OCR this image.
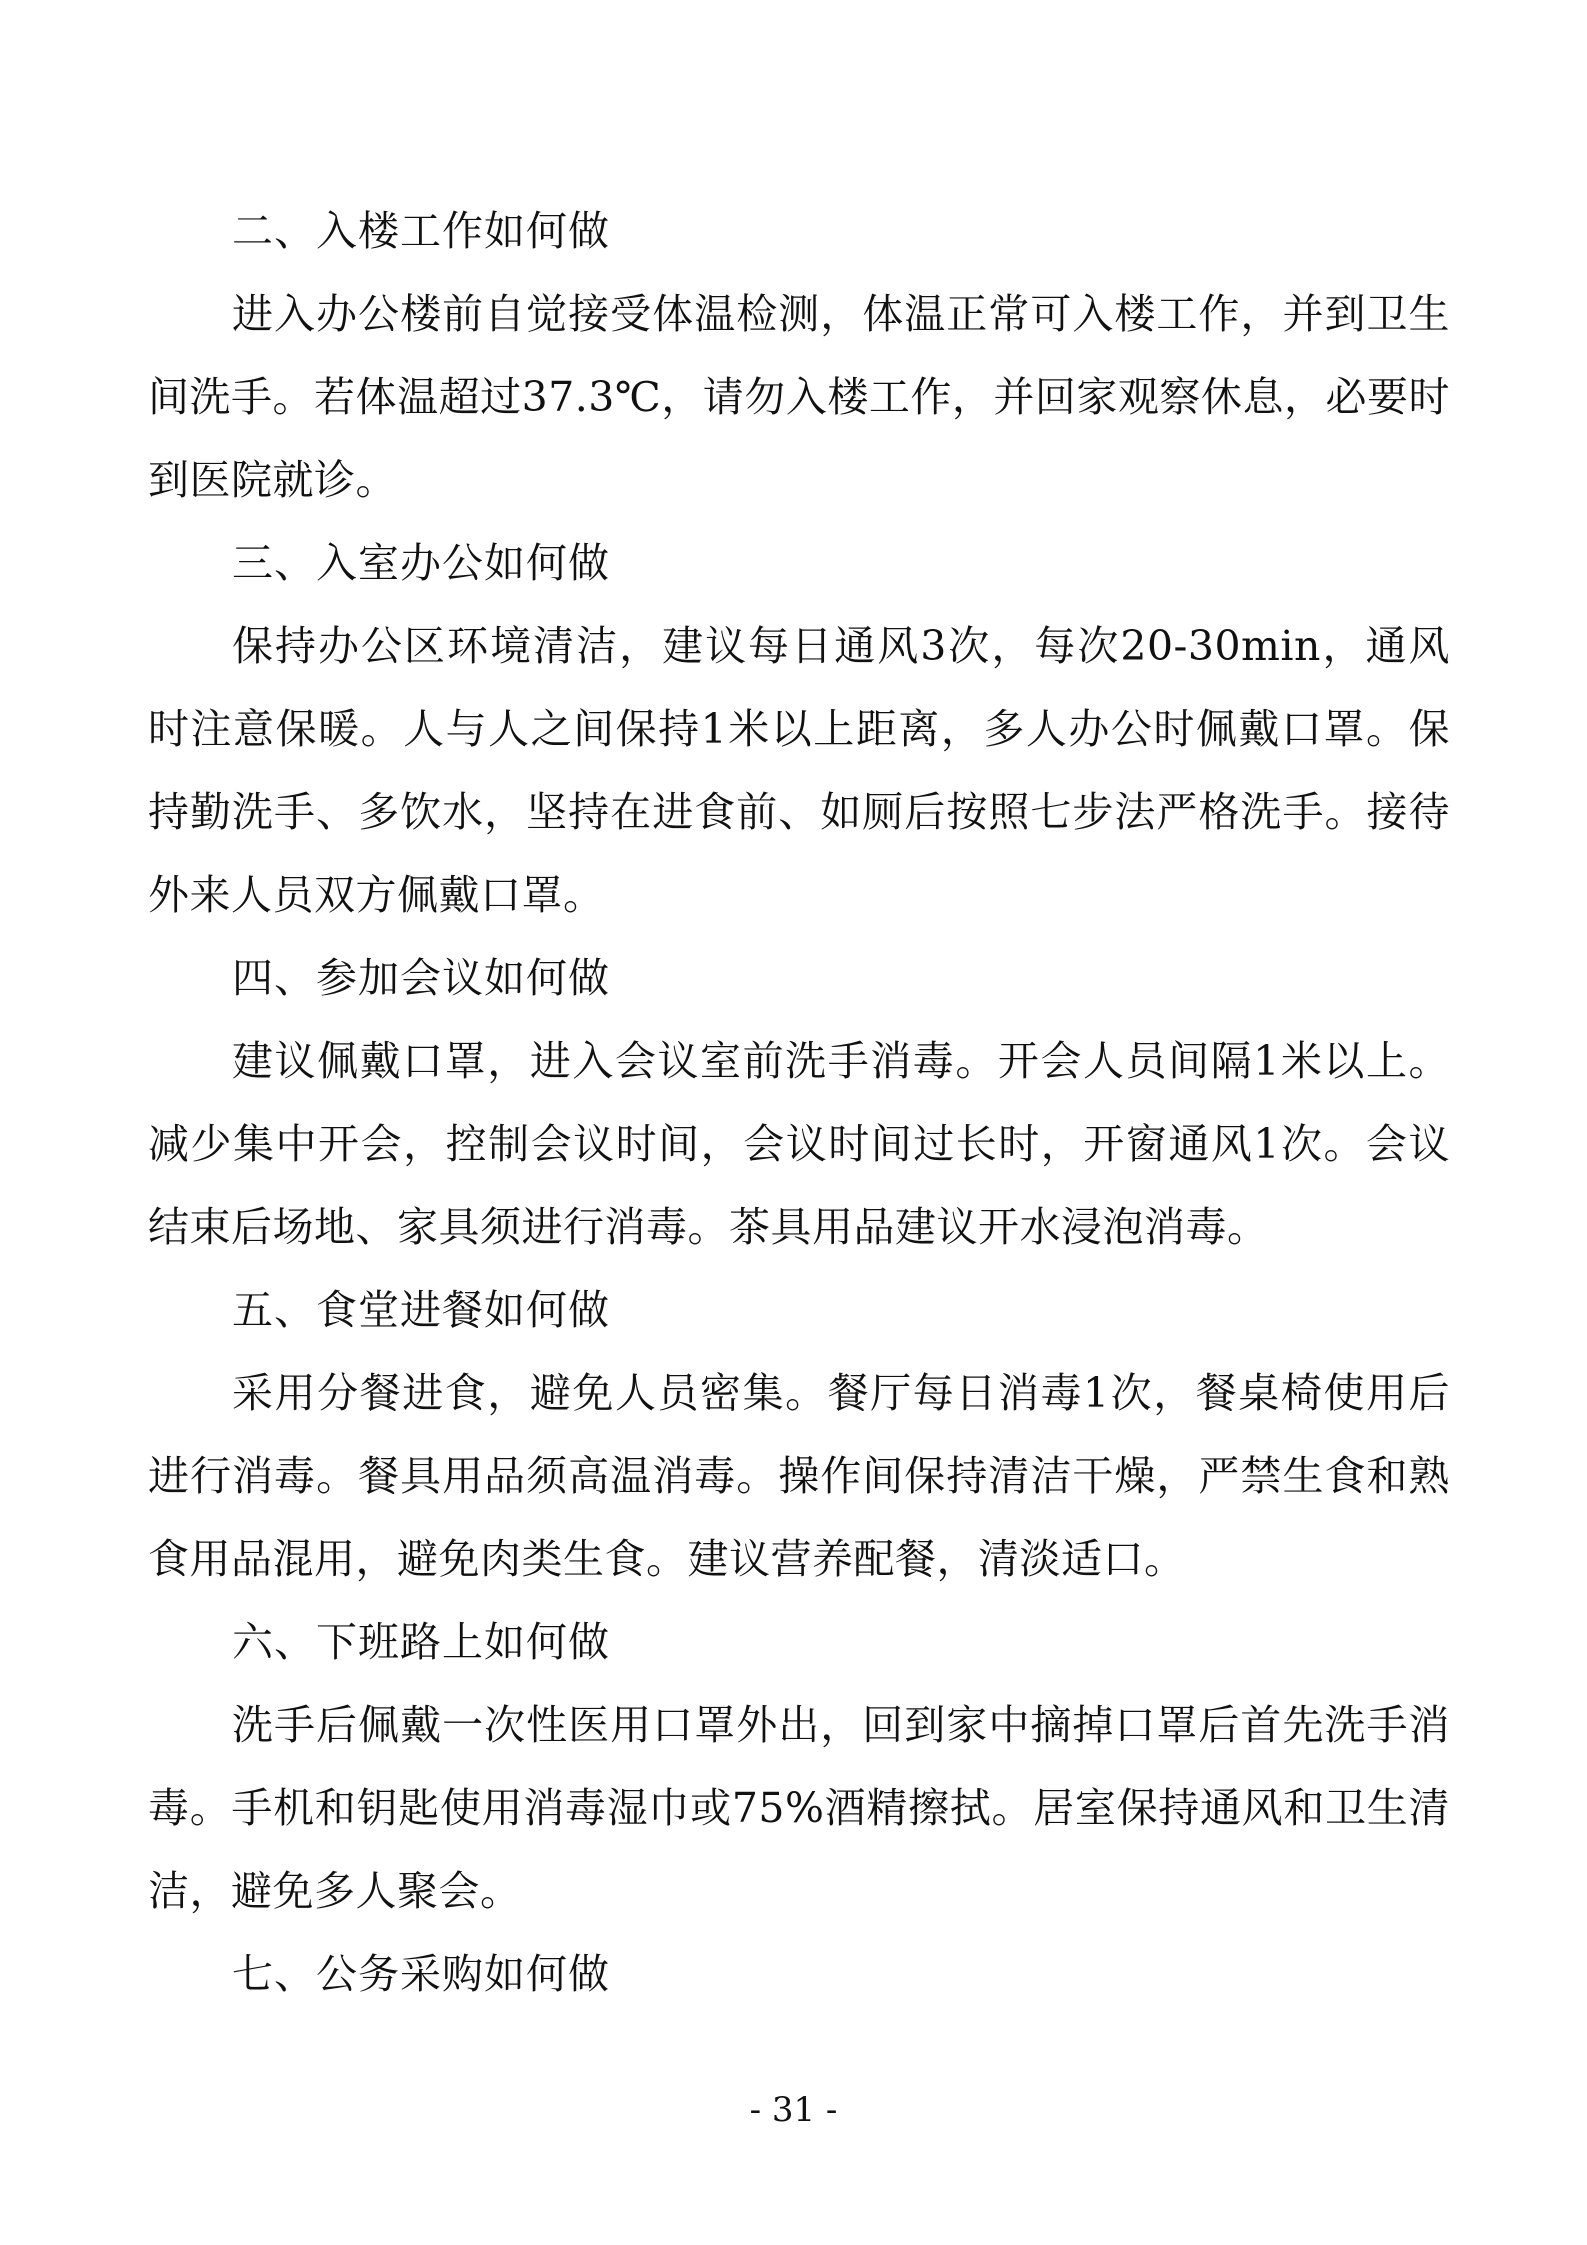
二、入楼工作如何做

进入办公楼前自觉接受体温检测，体温正常可入楼工作，并到卫生间洗手。若体温超过37.3℃，请勿入楼工作，并回家观察休息，必要时到医院就诊。

三、入室办公如何做

保持办公区环境清洁，建议每日通风3次，每次20-30min，通风时注意保暖。人与人之间保持1米以上距离，多人办公时佩戴口罩。保持勤洗手、多饮水，坚持在进食前、如厕后按照七步法严格洗手。接待外来人员双方佩戴口罩。

四、参加会议如何做

建议佩戴口罩，进入会议室前洗手消毒。开会人员间隔1米以上。减少集中开会，控制会议时间，会议时间过长时，开窗通风1次。会议结束后场地、家具须进行消毒。茶具用品建议开水浸泡消毒。

五、食堂进餐如何做

采用分餐进食，避免人员密集。餐厅每日消毒1次，餐桌椅使用后进行消毒。餐具用品须高温消毒。操作间保持清洁干燥，严禁生食和熟食用品混用，避免肉类生食。建议营养配餐，清淡适口。

六、下班路上如何做

洗手后佩戴一次性医用口罩外出，回到家中摘掉口罩后首先洗手消毒。手机和钥匙使用消毒湿巾或75%酒精擦拭。居室保持通风和卫生清洁，避免多人聚会。

七、公务采购如何做

- 31 -
